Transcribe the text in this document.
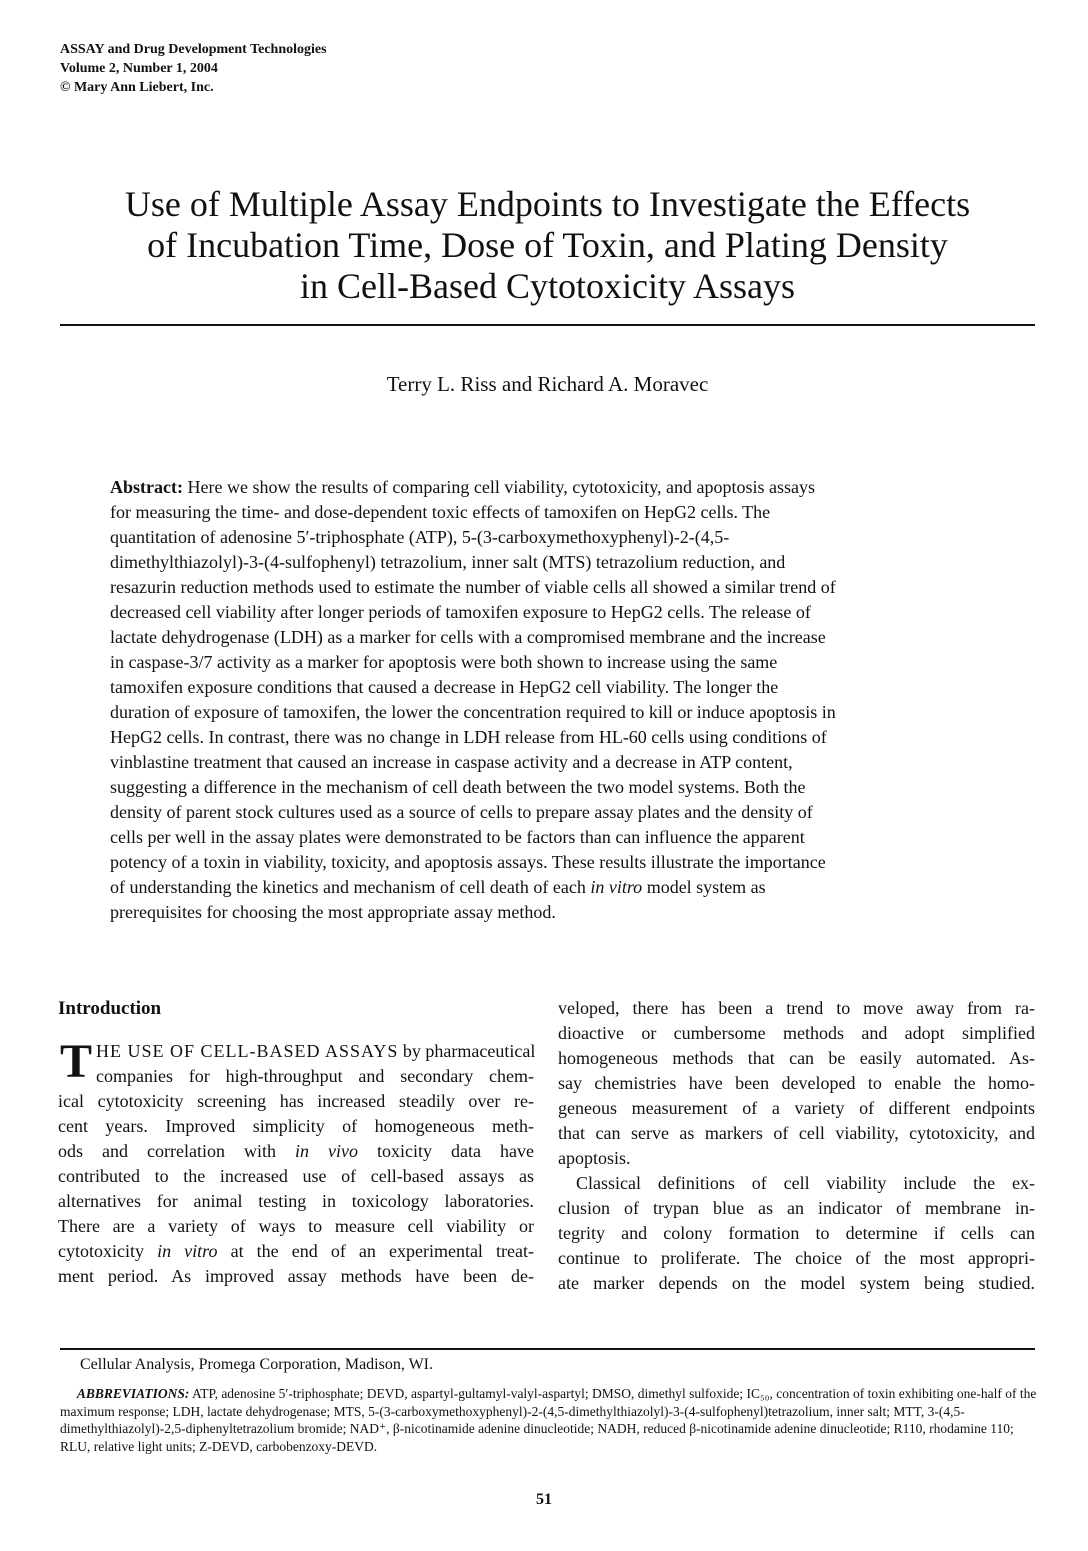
ASSAY and Drug Development Technologies
Volume 2, Number 1, 2004
© Mary Ann Liebert, Inc.
Use of Multiple Assay Endpoints to Investigate the Effects
of Incubation Time, Dose of Toxin, and Plating Density
in Cell-Based Cytotoxicity Assays
Terry L. Riss and Richard A. Moravec
Abstract: Here we show the results of comparing cell viability, cytotoxicity, and apoptosis assays
for measuring the time- and dose-dependent toxic effects of tamoxifen on HepG2 cells. The
quantitation of adenosine 5′-triphosphate (ATP), 5-(3-carboxymethoxyphenyl)-2-(4,5-
dimethylthiazolyl)-3-(4-sulfophenyl) tetrazolium, inner salt (MTS) tetrazolium reduction, and
resazurin reduction methods used to estimate the number of viable cells all showed a similar trend of
decreased cell viability after longer periods of tamoxifen exposure to HepG2 cells. The release of
lactate dehydrogenase (LDH) as a marker for cells with a compromised membrane and the increase
in caspase-3/7 activity as a marker for apoptosis were both shown to increase using the same
tamoxifen exposure conditions that caused a decrease in HepG2 cell viability. The longer the
duration of exposure of tamoxifen, the lower the concentration required to kill or induce apoptosis in
HepG2 cells. In contrast, there was no change in LDH release from HL-60 cells using conditions of
vinblastine treatment that caused an increase in caspase activity and a decrease in ATP content,
suggesting a difference in the mechanism of cell death between the two model systems. Both the
density of parent stock cultures used as a source of cells to prepare assay plates and the density of
cells per well in the assay plates were demonstrated to be factors than can influence the apparent
potency of a toxin in viability, toxicity, and apoptosis assays. These results illustrate the importance
of understanding the kinetics and mechanism of cell death of each in vitro model system as
prerequisites for choosing the most appropriate assay method.
Introduction
T HE USE OF CELL-BASED ASSAYS by pharmaceutical
companies for high-throughput and secondary chem-
ical cytotoxicity screening has increased steadily over re-
cent years. Improved simplicity of homogeneous meth-
ods and correlation with in vivo toxicity data have
contributed to the increased use of cell-based assays as
alternatives for animal testing in toxicology laboratories.
There are a variety of ways to measure cell viability or
cytotoxicity in vitro at the end of an experimental treat-
ment period. As improved assay methods have been de-
veloped, there has been a trend to move away from ra-
dioactive or cumbersome methods and adopt simplified
homogeneous methods that can be easily automated. As-
say chemistries have been developed to enable the homo-
geneous measurement of a variety of different endpoints
that can serve as markers of cell viability, cytotoxicity, and
apoptosis.
Classical definitions of cell viability include the ex-
clusion of trypan blue as an indicator of membrane in-
tegrity and colony formation to determine if cells can
continue to proliferate. The choice of the most appropri-
ate marker depends on the model system being studied.
Cellular Analysis, Promega Corporation, Madison, WI.
ABBREVIATIONS: ATP, adenosine 5′-triphosphate; DEVD, aspartyl-gultamyl-valyl-aspartyl; DMSO, dimethyl sulfoxide; IC₅₀, concentration of toxin exhibiting one-half of the maximum response; LDH, lactate dehydrogenase; MTS, 5-(3-carboxymethoxyphenyl)-2-(4,5-dimethylthiazolyl)-3-(4-sulfophenyl)tetrazolium, inner salt; MTT, 3-(4,5-dimethylthiazolyl)-2,5-diphenyltetrazolium bromide; NAD⁺, β-nicotinamide adenine dinucleotide; NADH, reduced β-nicotinamide adenine dinucleotide; R110, rhodamine 110; RLU, relative light units; Z-DEVD, carbobenzoxy-DEVD.
51
